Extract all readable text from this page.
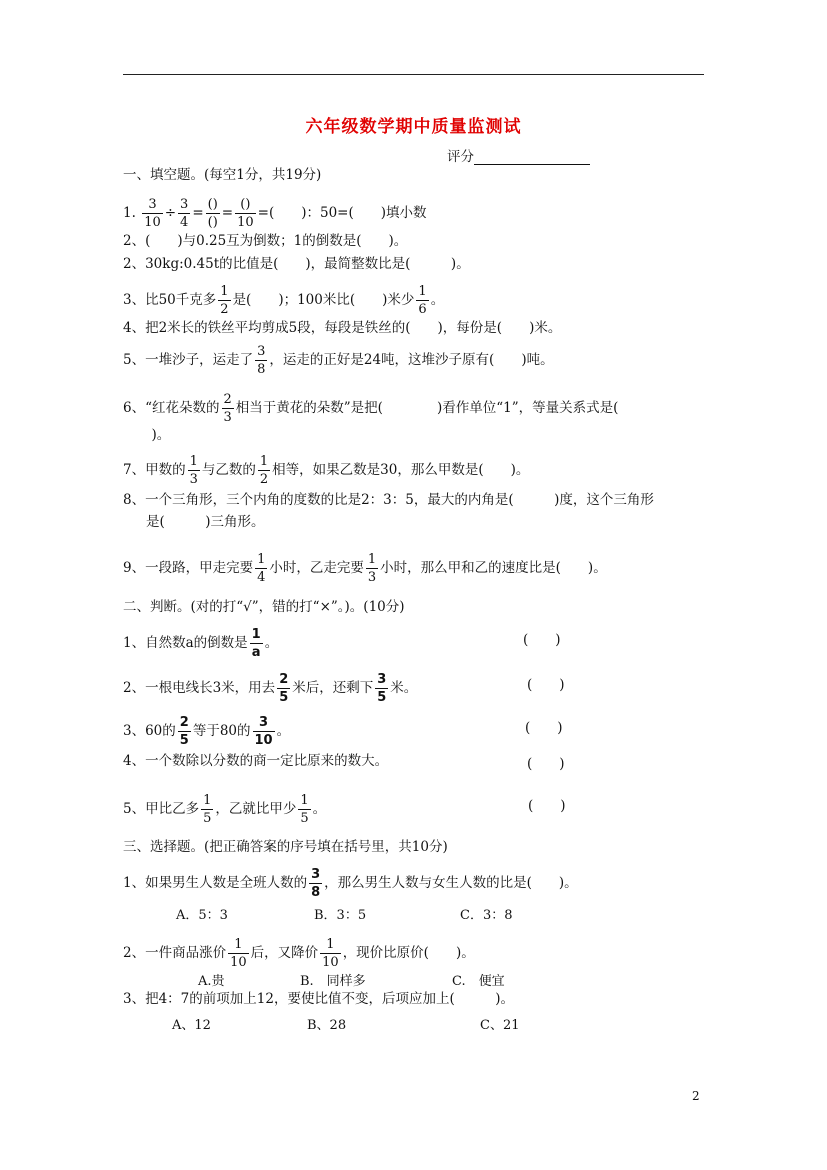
六年级数学期中质量监测试
评分
一、填空题。(每空1分，共19分)
1. $\frac{3}{10} \div \frac{3}{4} = \frac{()}{()} = \frac{()}{10}$ =(　　)：50=(　　)填小数
2、(　　)与0.25互为倒数；1的倒数是(　　)。
2、30kg:0.45t的比值是(　　)，最简整数比是(　　　)。
3、比50千克多 $\frac{1}{2}$ 是(　　)；100米比(　　)米少 $\frac{1}{6}$ 。
4、把2米长的铁丝平均剪成5段，每段是铁丝的(　　)，每份是(　　)米。
5、一堆沙子，运走了 $\frac{3}{8}$ ，运走的正好是24吨，这堆沙子原有(　　)吨。
6、“红花朵数的 $\frac{2}{3}$ 相当于黄花的朵数”是把(　　　　)看作单位“1”，等量关系式是(
　)。
7、甲数的 $\frac{1}{3}$ 与乙数的 $\frac{1}{2}$ 相等，如果乙数是30，那么甲数是(　　)。
8、一个三角形，三个内角的度数的比是2：3：5，最大的内角是(　　　)度，这个三角形
是(　　　)三角形。
9、一段路，甲走完要 $\frac{1}{4}$ 小时，乙走完要 $\frac{1}{3}$ 小时，那么甲和乙的速度比是(　　)。
二、判断。(对的打“√”，错的打“×”。)。(10分)
1、自然数a的倒数是 $\frac{1}{a}$ 。	(　　)
2、一根电线长3米，用去 $\frac{2}{5}$ 米后，还剩下 $\frac{3}{5}$ 米。	(　　)
3、60的 $\frac{2}{5}$ 等于80的 $\frac{3}{10}$ 。	(　　)
4、一个数除以分数的商一定比原来的数大。	(　　)
5、甲比乙多 $\frac{1}{5}$ ，乙就比甲少 $\frac{1}{5}$ 。	(　　)
三、选择题。(把正确答案的序号填在括号里，共10分)
1、如果男生人数是全班人数的 $\frac{3}{8}$ ，那么男生人数与女生人数的比是(　　)。
A．5：3	B．3：5	C．3：8
2、一件商品涨价 $\frac{1}{10}$ 后，又降价 $\frac{1}{10}$ ，现价比原价(　　)。
A.贵	B.　同样多	C.　便宜
3、把4：7的前项加上12，要使比值不变，后项应加上(　　　)。
A、12	B、28	C、21
2
